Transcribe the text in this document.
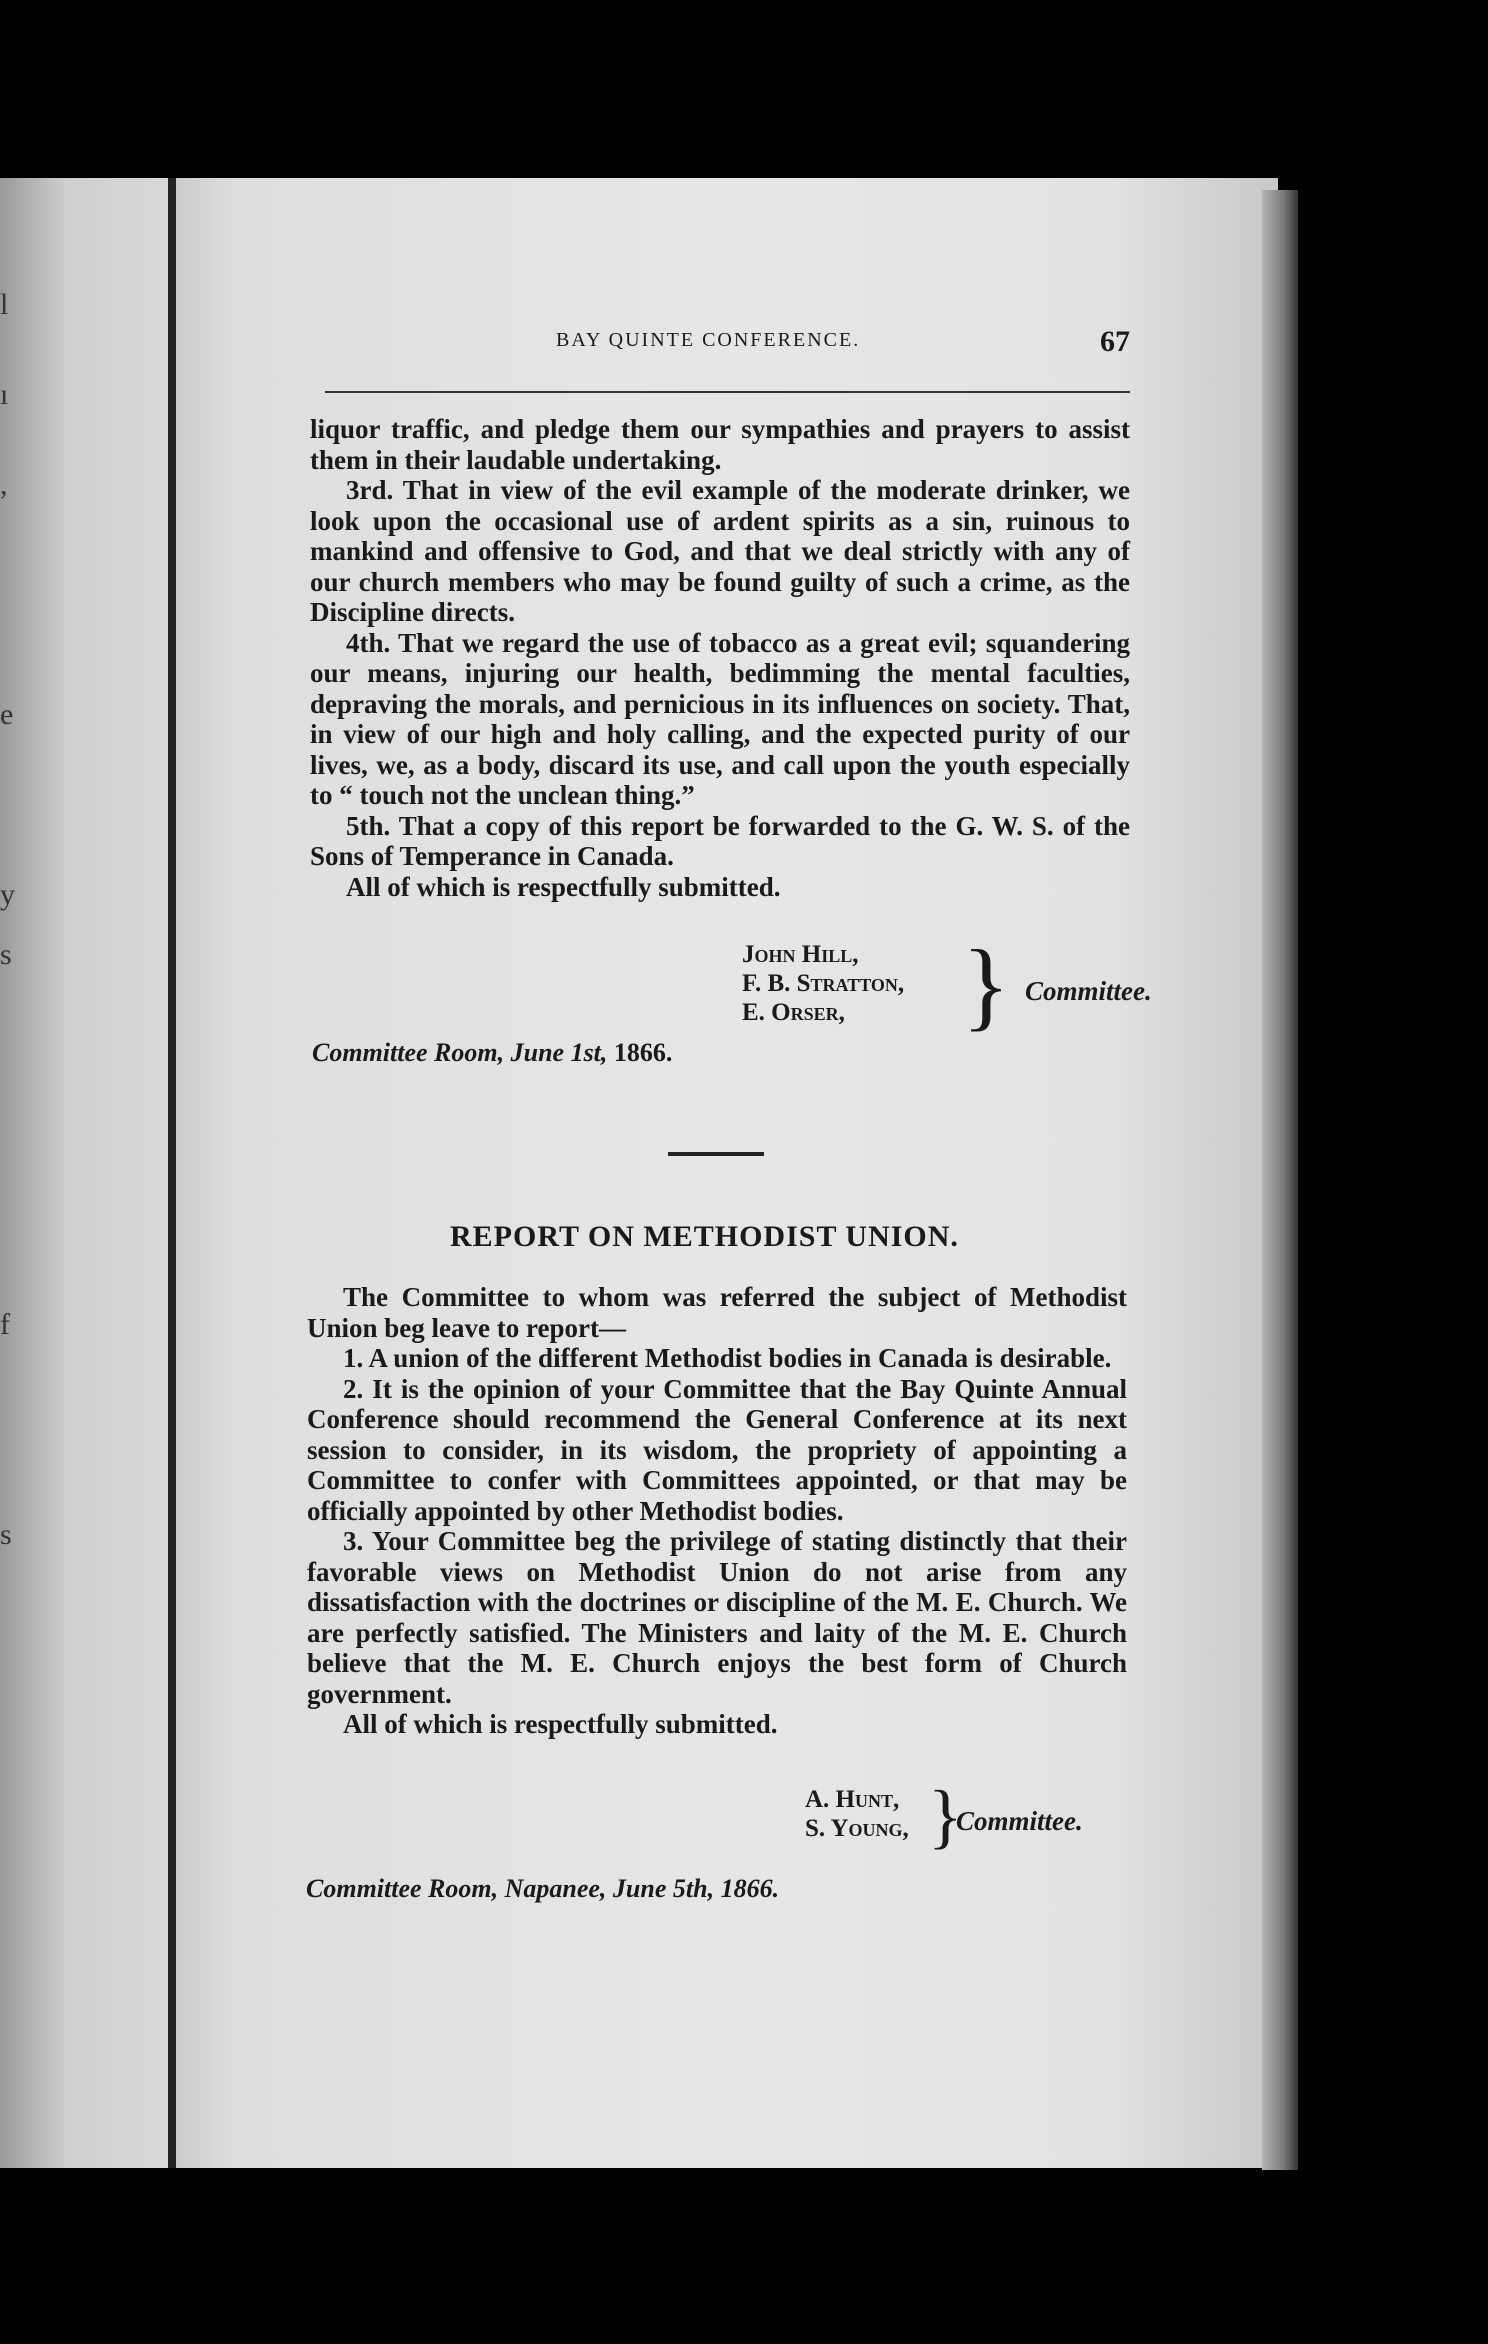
l
ı
,
e
y
s
f
s
BAY QUINTE CONFERENCE.	67

liquor traffic, and pledge them our sympathies and prayers to assist them in their laudable undertaking.

3rd. That in view of the evil example of the moderate drinker, we look upon the occasional use of ardent spirits as a sin, ruinous to mankind and offensive to God, and that we deal strictly with any of our church members who may be found guilty of such a crime, as the Discipline directs.

4th. That we regard the use of tobacco as a great evil; squandering our means, injuring our health, bedimming the mental faculties, depraving the morals, and pernicious in its influences on society. That, in view of our high and holy calling, and the expected purity of our lives, we, as a body, discard its use, and call upon the youth especially to “ touch not the unclean thing.”

5th. That a copy of this report be forwarded to the G. W. S. of the Sons of Temperance in Canada.

All of which is respectfully submitted.

John Hill,
F. B. Stratton,
E. Orser,	} Committee.
Committee Room, June 1st, 1866.
REPORT ON METHODIST UNION.

The Committee to whom was referred the subject of Methodist Union beg leave to report—

1. A union of the different Methodist bodies in Canada is desirable.

2. It is the opinion of your Committee that the Bay Quinte Annual Conference should recommend the General Conference at its next session to consider, in its wisdom, the propriety of appointing a Committee to confer with Committees appointed, or that may be officially appointed by other Methodist bodies.

3. Your Committee beg the privilege of stating distinctly that their favorable views on Methodist Union do not arise from any dissatisfaction with the doctrines or discipline of the M. E. Church. We are perfectly satisfied. The Ministers and laity of the M. E. Church believe that the M. E. Church enjoys the best form of Church government.

All of which is respectfully submitted.

A. Hunt,
S. Young, }
Committee.
Committee Room, Napanee, June 5th, 1866.
